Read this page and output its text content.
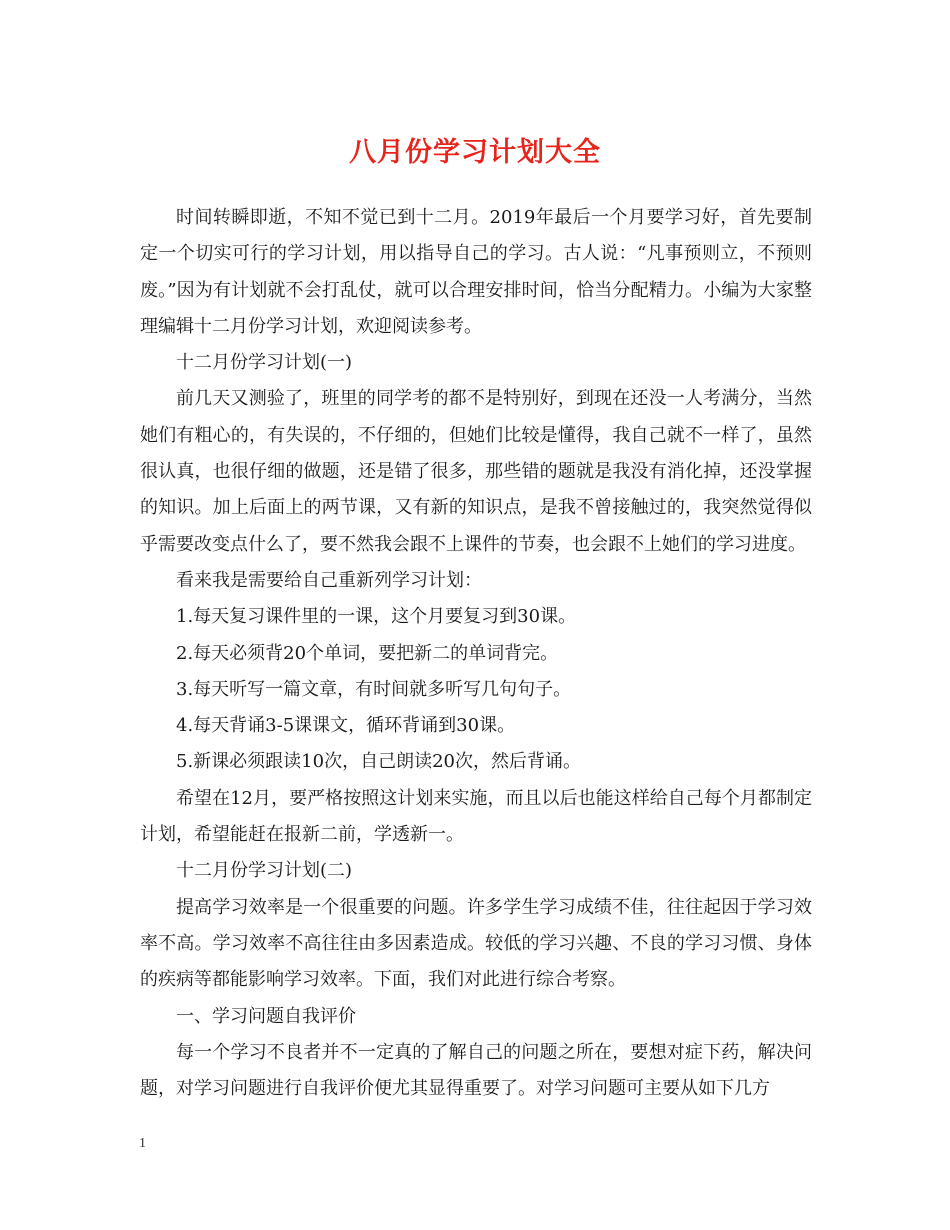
八月份学习计划大全

时间转瞬即逝，不知不觉已到十二月。2019年最后一个月要学习好，首先要制定一个切实可行的学习计划，用以指导自己的学习。古人说：“凡事预则立，不预则废。”因为有计划就不会打乱仗，就可以合理安排时间，恰当分配精力。小编为大家整理编辑十二月份学习计划，欢迎阅读参考。

十二月份学习计划(一)

前几天又测验了，班里的同学考的都不是特别好，到现在还没一人考满分，当然她们有粗心的，有失误的，不仔细的，但她们比较是懂得，我自己就不一样了，虽然很认真，也很仔细的做题，还是错了很多，那些错的题就是我没有消化掉，还没掌握的知识。加上后面上的两节课，又有新的知识点，是我不曾接触过的，我突然觉得似乎需要改变点什么了，要不然我会跟不上课件的节奏，也会跟不上她们的学习进度。

看来我是需要给自己重新列学习计划：

1.每天复习课件里的一课，这个月要复习到30课。

2.每天必须背20个单词，要把新二的单词背完。

3.每天听写一篇文章，有时间就多听写几句句子。

4.每天背诵3-5课课文，循环背诵到30课。

5.新课必须跟读10次，自己朗读20次，然后背诵。

希望在12月，要严格按照这计划来实施，而且以后也能这样给自己每个月都制定计划，希望能赶在报新二前，学透新一。

十二月份学习计划(二)

提高学习效率是一个很重要的问题。许多学生学习成绩不佳，往往起因于学习效率不高。学习效率不高往往由多因素造成。较低的学习兴趣、不良的学习习惯、身体的疾病等都能影响学习效率。下面，我们对此进行综合考察。

一、学习问题自我评价

每一个学习不良者并不一定真的了解自己的问题之所在，要想对症下药，解决问题，对学习问题进行自我评价便尤其显得重要了。对学习问题可主要从如下几方

1
